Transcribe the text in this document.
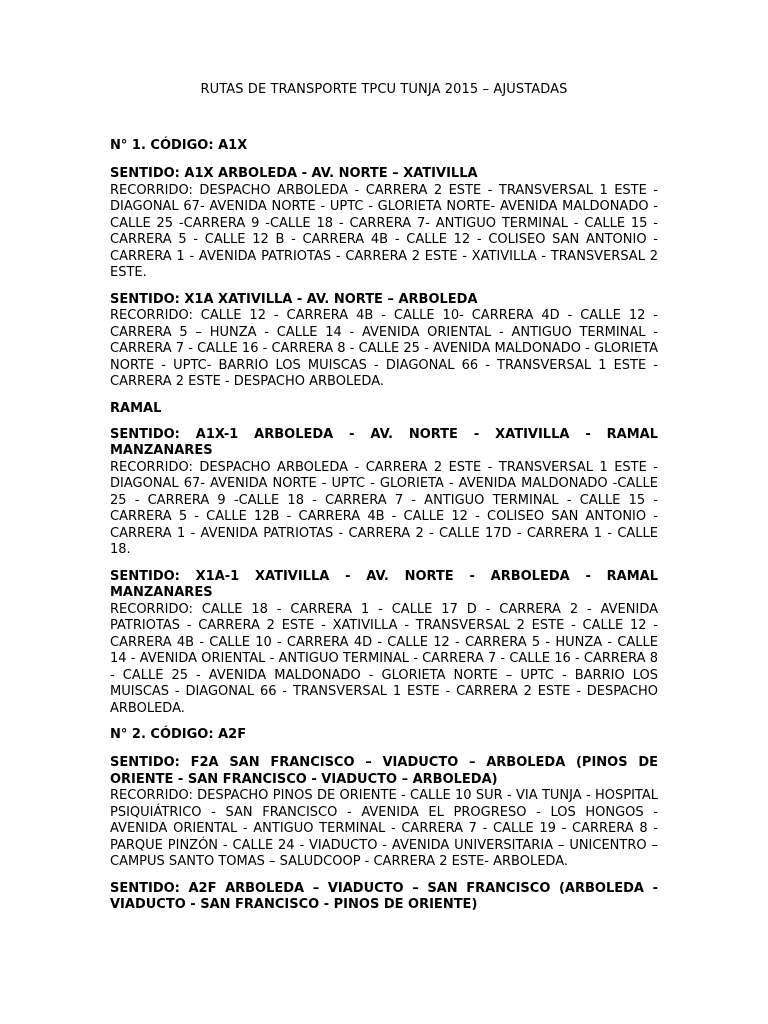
RUTAS DE TRANSPORTE TPCU TUNJA 2015 – AJUSTADAS
N° 1. CÓDIGO: A1X

SENTIDO: A1X ARBOLEDA - AV. NORTE – XATIVILLA

RECORRIDO: DESPACHO ARBOLEDA - CARRERA 2 ESTE - TRANSVERSAL 1 ESTE - DIAGONAL 67- AVENIDA NORTE - UPTC - GLORIETA NORTE- AVENIDA MALDONADO - CALLE 25 -CARRERA 9 -CALLE 18 - CARRERA 7- ANTIGUO TERMINAL - CALLE 15 - CARRERA 5 - CALLE 12 B - CARRERA 4B - CALLE 12 - COLISEO SAN ANTONIO - CARRERA 1 - AVENIDA PATRIOTAS - CARRERA 2 ESTE - XATIVILLA - TRANSVERSAL 2 ESTE.

SENTIDO: X1A XATIVILLA - AV. NORTE – ARBOLEDA

RECORRIDO: CALLE 12 - CARRERA 4B - CALLE 10- CARRERA 4D - CALLE 12 - CARRERA 5 – HUNZA - CALLE 14 - AVENIDA ORIENTAL - ANTIGUO TERMINAL - CARRERA 7 - CALLE 16 - CARRERA 8 - CALLE 25 - AVENIDA MALDONADO - GLORIETA NORTE - UPTC- BARRIO LOS MUISCAS - DIAGONAL 66 - TRANSVERSAL 1 ESTE - CARRERA 2 ESTE - DESPACHO ARBOLEDA.

RAMAL

SENTIDO: A1X-1 ARBOLEDA - AV. NORTE - XATIVILLA - RAMAL MANZANARES

RECORRIDO: DESPACHO ARBOLEDA - CARRERA 2 ESTE - TRANSVERSAL 1 ESTE - DIAGONAL 67- AVENIDA NORTE - UPTC - GLORIETA - AVENIDA MALDONADO -CALLE 25 - CARRERA 9 -CALLE 18 - CARRERA 7 - ANTIGUO TERMINAL - CALLE 15 - CARRERA 5 - CALLE 12B - CARRERA 4B - CALLE 12 - COLISEO SAN ANTONIO - CARRERA 1 - AVENIDA PATRIOTAS - CARRERA 2 - CALLE 17D - CARRERA 1 - CALLE 18.

SENTIDO: X1A-1 XATIVILLA - AV. NORTE - ARBOLEDA - RAMAL MANZANARES

RECORRIDO: CALLE 18 - CARRERA 1 - CALLE 17 D - CARRERA 2 - AVENIDA PATRIOTAS - CARRERA 2 ESTE - XATIVILLA - TRANSVERSAL 2 ESTE - CALLE 12 - CARRERA 4B - CALLE 10 - CARRERA 4D - CALLE 12 - CARRERA 5 - HUNZA - CALLE 14 - AVENIDA ORIENTAL - ANTIGUO TERMINAL - CARRERA 7 - CALLE 16 - CARRERA 8 - CALLE 25 - AVENIDA MALDONADO - GLORIETA NORTE – UPTC - BARRIO LOS MUISCAS - DIAGONAL 66 - TRANSVERSAL 1 ESTE - CARRERA 2 ESTE - DESPACHO ARBOLEDA.

N° 2. CÓDIGO: A2F

SENTIDO: F2A SAN FRANCISCO – VIADUCTO – ARBOLEDA (PINOS DE ORIENTE - SAN FRANCISCO - VIADUCTO – ARBOLEDA)

RECORRIDO: DESPACHO PINOS DE ORIENTE - CALLE 10 SUR - VIA TUNJA - HOSPITAL PSIQUIÁTRICO - SAN FRANCISCO - AVENIDA EL PROGRESO - LOS HONGOS - AVENIDA ORIENTAL - ANTIGUO TERMINAL - CARRERA 7 - CALLE 19 - CARRERA 8 - PARQUE PINZÓN - CALLE 24 - VIADUCTO - AVENIDA UNIVERSITARIA – UNICENTRO – CAMPUS SANTO TOMAS – SALUDCOOP - CARRERA 2 ESTE- ARBOLEDA.

SENTIDO: A2F ARBOLEDA – VIADUCTO – SAN FRANCISCO (ARBOLEDA - VIADUCTO - SAN FRANCISCO - PINOS DE ORIENTE)
